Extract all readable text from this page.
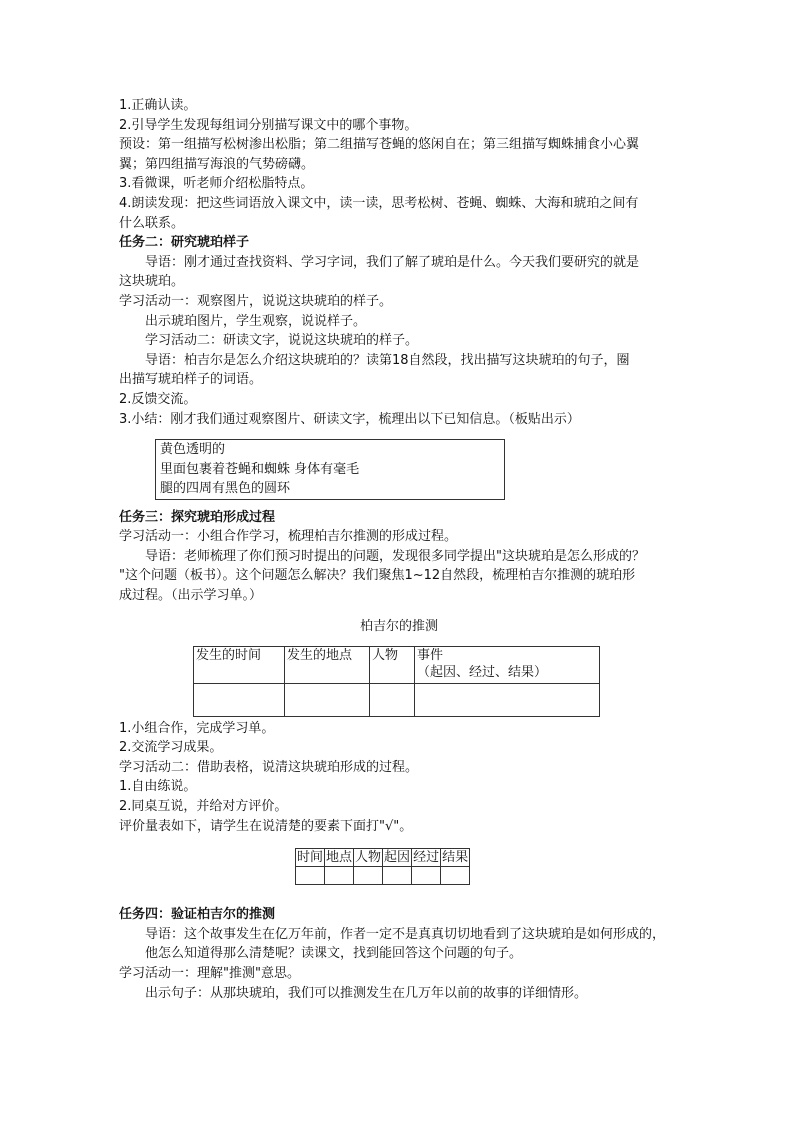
1.正确认读。
2.引导学生发现每组词分别描写课文中的哪个事物。
预设：第一组描写松树渗出松脂；第二组描写苍蝇的悠闲自在；第三组描写蜘蛛捕食小心翼
翼；第四组描写海浪的气势磅礴。
3.看微课，听老师介绍松脂特点。
4.朗读发现：把这些词语放入课文中，读一读，思考松树、苍蝇、蜘蛛、大海和琥珀之间有
什么联系。
任务二：研究琥珀样子
导语：刚才通过查找资料、学习字词，我们了解了琥珀是什么。今天我们要研究的就是
这块琥珀。
学习活动一：观察图片，说说这块琥珀的样子。
出示琥珀图片，学生观察，说说样子。
学习活动二：研读文字，说说这块琥珀的样子。
导语：柏吉尔是怎么介绍这块琥珀的？读第18自然段，找出描写这块琥珀的句子，圈
出描写琥珀样子的词语。
2.反馈交流。
3.小结：刚才我们通过观察图片、研读文字，梳理出以下已知信息。（板贴出示）
黄色透明的
里面包裹着苍蝇和蜘蛛 身体有毫毛
腿的四周有黑色的圆环
任务三：探究琥珀形成过程
学习活动一：小组合作学习，梳理柏吉尔推测的形成过程。
导语：老师梳理了你们预习时提出的问题，发现很多同学提出"这块琥珀是怎么形成的？
"这个问题（板书）。这个问题怎么解决？我们聚焦1~12自然段，梳理柏吉尔推测的琥珀形
成过程。（出示学习单。）
柏吉尔的推测
发生的时间	发生的地点	人物	事件
（起因、经过、结果）

1.小组合作，完成学习单。
2.交流学习成果。
学习活动二：借助表格，说清这块琥珀形成的过程。
1.自由练说。
2.同桌互说，并给对方评价。
评价量表如下，请学生在说清楚的要素下面打"√"。
时间	地点	人物	起因	经过	结果

任务四：验证柏吉尔的推测
导语：这个故事发生在亿万年前，作者一定不是真真切切地看到了这块琥珀是如何形成的，
他怎么知道得那么清楚呢？读课文，找到能回答这个问题的句子。
学习活动一：理解"推测"意思。
出示句子：从那块琥珀，我们可以推测发生在几万年以前的故事的详细情形。
